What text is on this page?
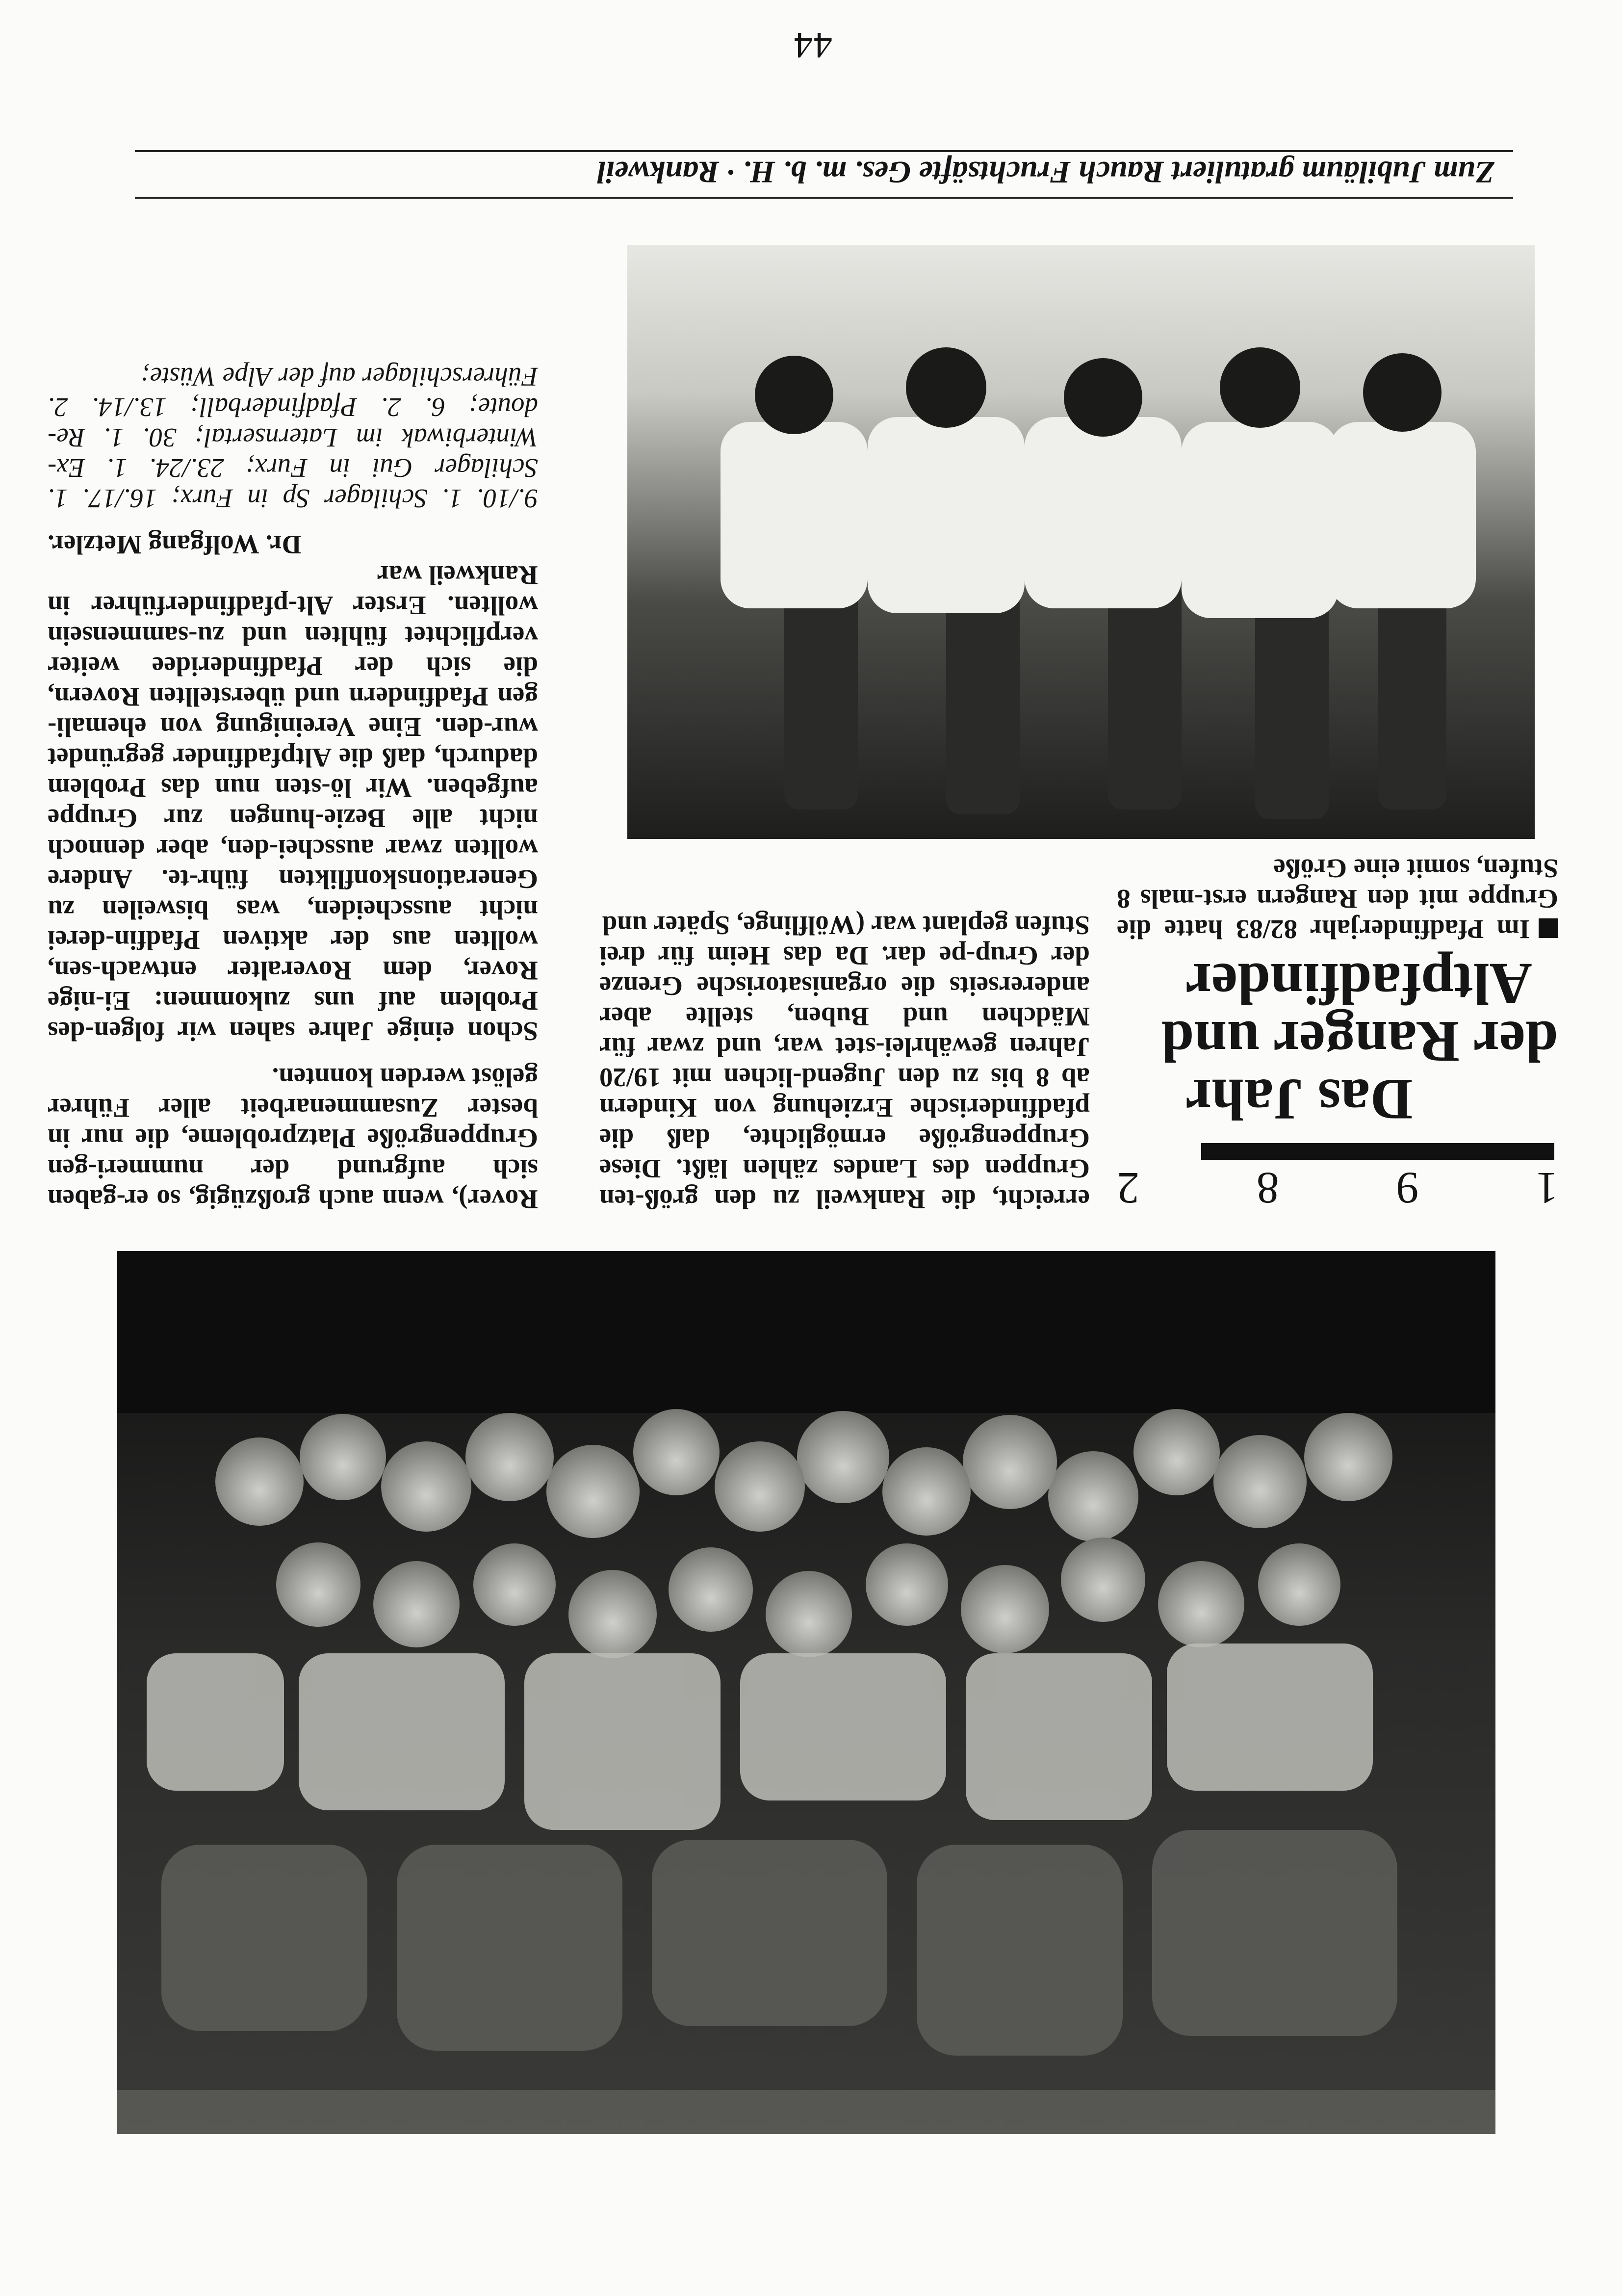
44
Zum Jubiläum gratuliert Rauch Fruchtsäfte Ges. m. b. H. · Rankweil
1
9
8
2
Das Jahr
der Ranger und
Altpfadfinder
Im Pfadfinderjahr 82/83 hatte die Gruppe mit den Rangern erst-mals 8 Stufen, somit eine Größe
erreicht, die Rankweil zu den größ-ten Gruppen des Landes zählen läßt. Diese Gruppengröße ermöglichte, daß die pfadfinderische Erziehung von Kindern ab 8 bis zu den Jugend-lichen mit 19/20 Jahren gewährlei-stet war, und zwar für Mädchen und Buben, stellte aber andererseits die organisatorische Grenze der Grup-pe dar. Da das Heim für drei Stufen geplant war (Wölflinge, Später und
Rover), wenn auch großzügig, so er-gaben sich aufgrund der nummeri-gen Gruppengröße Platzprobleme, die nur in bester Zusammenarbeit aller Führer gelöst werden konnten.
Schon einige Jahre sahen wir folgen-des Problem auf uns zukommen: Ei-nige Rover, dem Roveralter entwach-sen, wollten aus der aktiven Pfadfin-derei nicht ausscheiden, was bisweilen zu Generationskonflikten führ-te. Andere wollten zwar ausschei-den, aber dennoch nicht alle Bezie-hungen zur Gruppe aufgeben. Wir lö-sten nun das Problem dadurch, daß die Altpfadfinder gegründet wur-den. Eine Vereinigung von ehemali-gen Pfadfindern und überstellten Rovern, die sich der Pfadfinderidee weiter verpflichtet fühlten und zu-sammensein wollten. Erster Alt-pfadfinderführer in Rankweil war
Dr. Wolfgang Metzler.
9./10. 1. Schilager Sp in Furx; 16./17. 1. Schilager Gui in Furx; 23./24. 1. Ex-Winterbiwak im Laternsertal; 30. 1. Re-doute; 6. 2. Pfadfinderball; 13./14. 2. Führerschilager auf der Alpe Wüste;
